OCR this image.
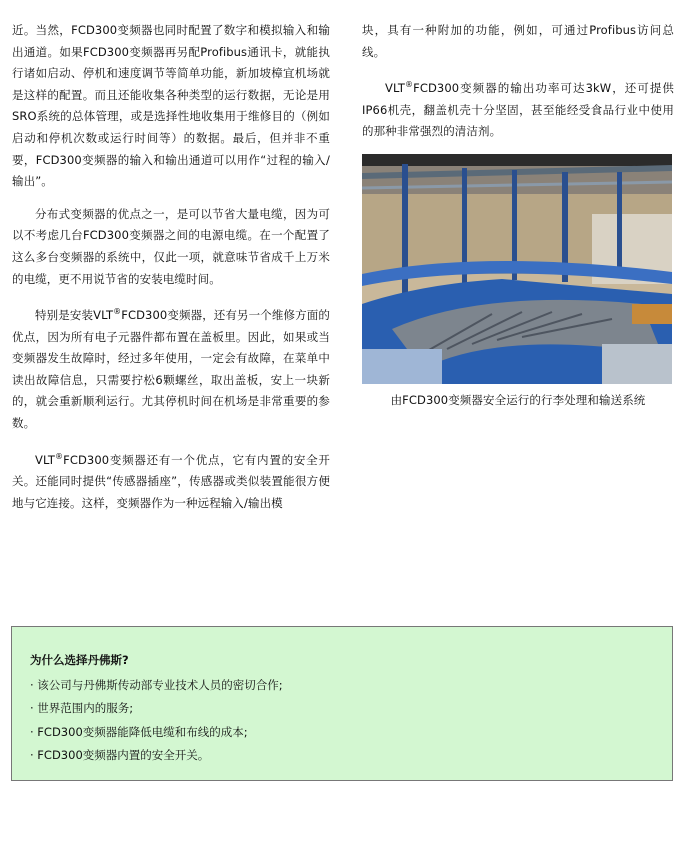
近。当然，FCD300变频器也同时配置了数字和模拟输入和输出通道。如果FCD300变频器再另配Profibus通讯卡，就能执行诸如启动、停机和速度调节等简单功能，新加坡樟宜机场就是这样的配置。而且还能收集各种类型的运行数据，无论是用SRO系统的总体管理，或是选择性地收集用于维修目的（例如启动和停机次数或运行时间等）的数据。最后，但并非不重要，FCD300变频器的输入和输出通道可以用作“过程的输入/输出”。

分布式变频器的优点之一，是可以节省大量电缆，因为可以不考虑几台FCD300变频器之间的电源电缆。在一个配置了这么多台变频器的系统中，仅此一项，就意味节省成千上万米的电缆，更不用说节省的安装电缆时间。

特别是安装VLT®FCD300变频器，还有另一个维修方面的优点，因为所有电子元器件都布置在盖板里。因此，如果或当变频器发生故障时，经过多年使用，一定会有故障，在菜单中读出故障信息，只需要拧松6颗螺丝，取出盖板，安上一块新的，就会重新顺利运行。尤其停机时间在机场是非常重要的参数。

VLT®FCD300变频器还有一个优点，它有内置的安全开关。还能同时提供“传感器插座”，传感器或类似装置能很方便地与它连接。这样，变频器作为一种远程输入/输出模

块，具有一种附加的功能，例如，可通过Profibus访问总线。

VLT®FCD300变频器的输出功率可达3kW，还可提供IP66机壳，翻盖机壳十分坚固，甚至能经受食品行业中使用的那种非常强烈的清洁剂。

由FCD300变频器安全运行的行李处理和输送系统
为什么选择丹佛斯?
· 该公司与丹佛斯传动部专业技术人员的密切合作;
· 世界范围内的服务;
· FCD300变频器能降低电缆和布线的成本;
· FCD300变频器内置的安全开关。
